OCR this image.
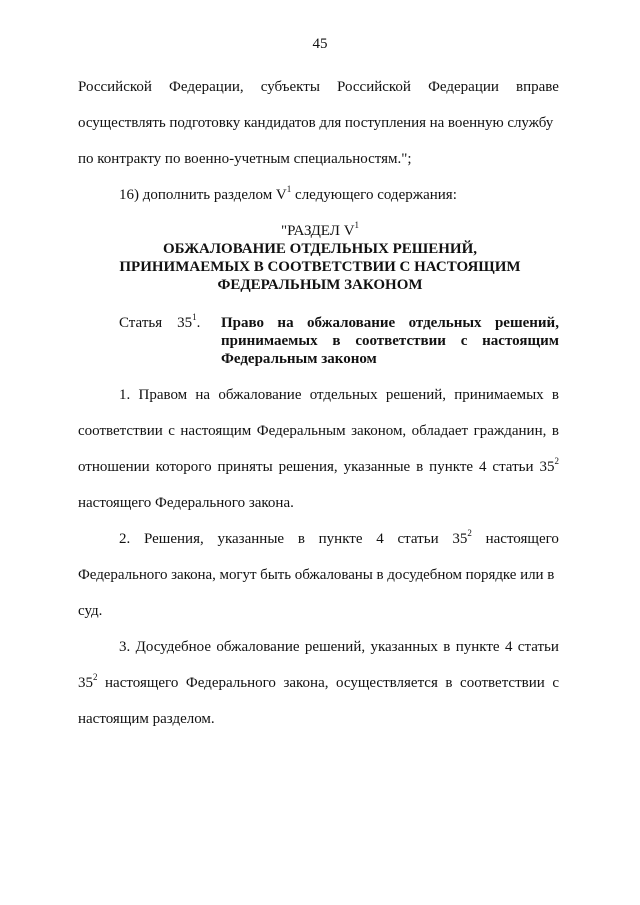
45
Российской Федерации, субъекты Российской Федерации вправе
осуществлять подготовку кандидатов для поступления на военную службу
по контракту по военно-учетным специальностям.";
16) дополнить разделом $V^1$ следующего содержания:
"РАЗДЕЛ $V^1$
ОБЖАЛОВАНИЕ ОТДЕЛЬНЫХ РЕШЕНИЙ,
ПРИНИМАЕМЫХ В СООТВЕТСТВИИ С НАСТОЯЩИМ
ФЕДЕРАЛЬНЫМ ЗАКОНОМ
Статья $35^1$. Право на обжалование отдельных решений,
принимаемых в соответствии с настоящим
Федеральным законом
1. Правом на обжалование отдельных решений, принимаемых в
соответствии с настоящим Федеральным законом, обладает гражданин, в
отношении которого приняты решения, указанные в пункте 4 статьи $35^2$
настоящего Федерального закона.
2. Решения, указанные в пункте 4 статьи $35^2$ настоящего
Федерального закона, могут быть обжалованы в досудебном порядке или в
суд.
3. Досудебное обжалование решений, указанных в пункте 4 статьи
$35^2$ настоящего Федерального закона, осуществляется в соответствии с
настоящим разделом.
